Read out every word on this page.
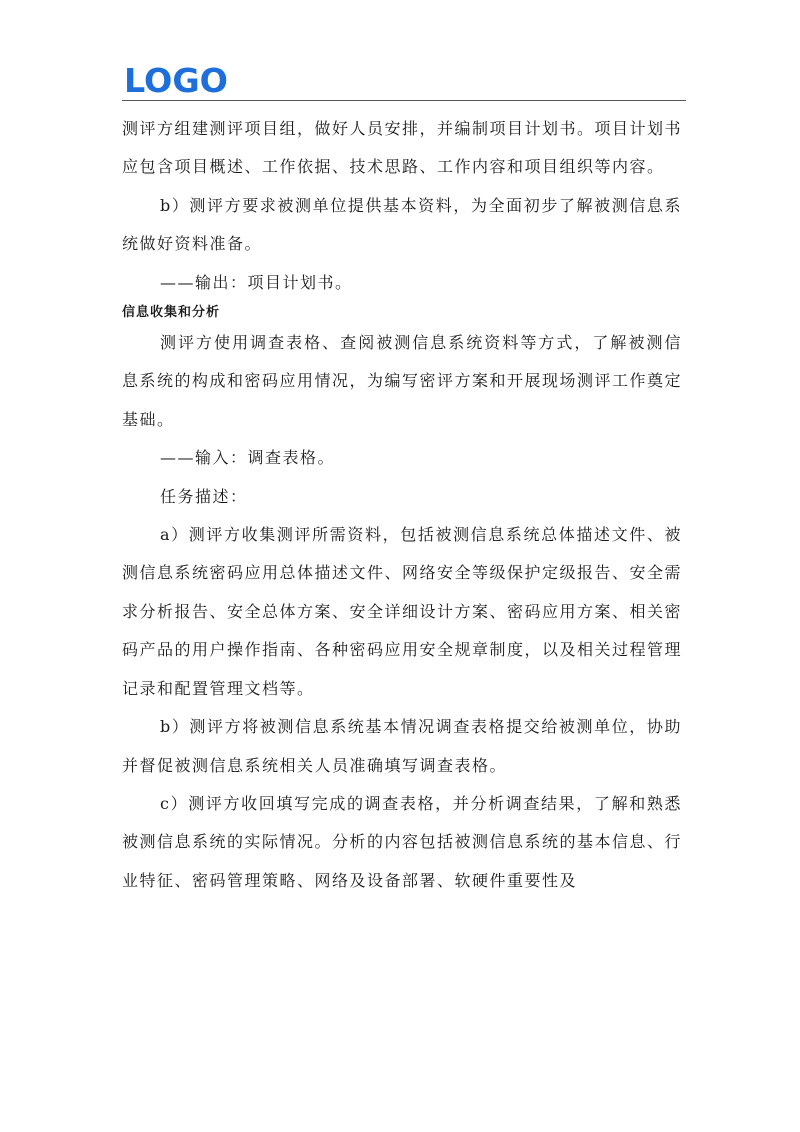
LOGO

测评方组建测评项目组，做好人员安排，并编制项目计划书。项目计划书应包含项目概述、工作依据、技术思路、工作内容和项目组织等内容。

b）测评方要求被测单位提供基本资料，为全面初步了解被测信息系统做好资料准备。

——输出：项目计划书。

信息收集和分析

测评方使用调查表格、查阅被测信息系统资料等方式，了解被测信息系统的构成和密码应用情况，为编写密评方案和开展现场测评工作奠定基础。

——输入：调查表格。

任务描述：

a）测评方收集测评所需资料，包括被测信息系统总体描述文件、被测信息系统密码应用总体描述文件、网络安全等级保护定级报告、安全需求分析报告、安全总体方案、安全详细设计方案、密码应用方案、相关密码产品的用户操作指南、各种密码应用安全规章制度，以及相关过程管理记录和配置管理文档等。

b）测评方将被测信息系统基本情况调查表格提交给被测单位，协助并督促被测信息系统相关人员准确填写调查表格。

c）测评方收回填写完成的调查表格，并分析调查结果，了解和熟悉被测信息系统的实际情况。分析的内容包括被测信息系统的基本信息、行业特征、密码管理策略、网络及设备部署、软硬件重要性及
